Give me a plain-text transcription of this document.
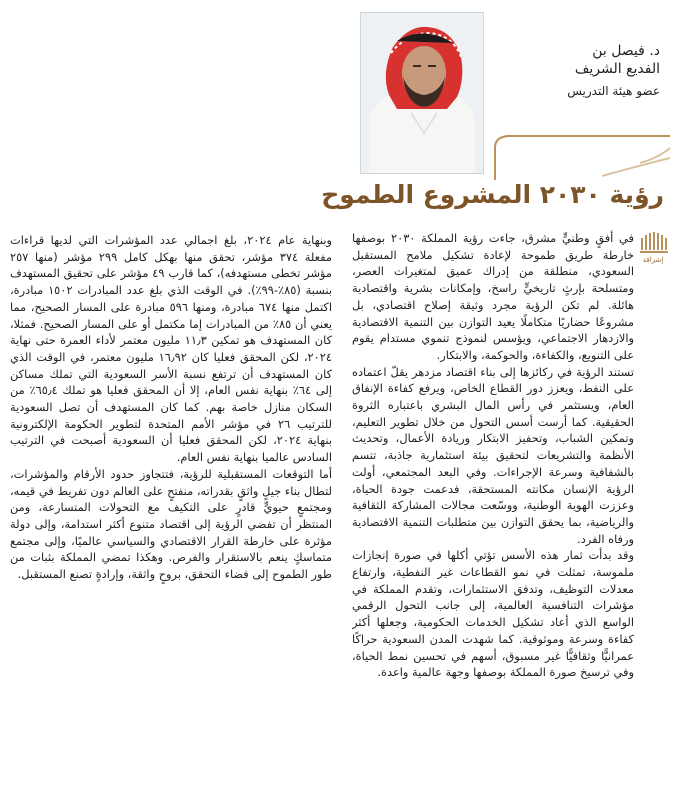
د. فيصل بن
الفديع الشريف
عضو هيئة التدريس
رؤية ٢٠٣٠ المشروع الطموح
إشراقة

في أفقٍ وطنيٍّ مشرق، جاءت رؤية المملكة ٢٠٣٠ بوصفها خارطة طريق طموحة لإعادة تشكيل ملامح المستقبل السعودي، منطلقة من إدراك عميق لمتغيرات العصر، ومتسلحة بإرثٍ تاريخيٍّ راسخ، وإمكانات بشرية واقتصادية هائلة. لم تكن الرؤية مجرد وثيقة إصلاح اقتصادي، بل مشروعًا حضاريًا متكاملًا يعيد التوازن بين التنمية الاقتصادية والازدهار الاجتماعي، ويؤسس لنموذج تنموي مستدام يقوم على التنويع، والكفاءة، والحوكمة، والابتكار.

تستند الرؤية في ركائزها إلى بناء اقتصاد مزدهر يقلّ اعتماده على النفط، ويعزز دور القطاع الخاص، ويرفع كفاءة الإنفاق العام، ويستثمر في رأس المال البشري باعتباره الثروة الحقيقية. كما أرست أسس التحول من خلال تطوير التعليم، وتمكين الشباب، وتحفيز الابتكار وريادة الأعمال، وتحديث الأنظمة والتشريعات لتحقيق بيئة استثمارية جاذبة، تتسم بالشفافية وسرعة الإجراءات. وفي البعد المجتمعي، أولت الرؤية الإنسان مكانته المستحقة، فدعمت جودة الحياة، وعززت الهوية الوطنية، ووسّعت مجالات المشاركة الثقافية والرياضية، بما يحقق التوازن بين متطلبات التنمية الاقتصادية ورفاه الفرد.

وقد بدأت ثمار هذه الأسس تؤتي أكلها في صورة إنجازات ملموسة، تمثلت في نمو القطاعات غير النفطية، وارتفاع معدلات التوظيف، وتدفق الاستثمارات، وتقدم المملكة في مؤشرات التنافسية العالمية، إلى جانب التحول الرقمي الواسع الذي أعاد تشكيل الخدمات الحكومية، وجعلها أكثر كفاءة وسرعة وموثوقية. كما شهدت المدن السعودية حراكًا عمرانيًّا وثقافيًّا غير مسبوق، أسهم في تحسين نمط الحياة، وفي ترسيخ صورة المملكة بوصفها وجهة عالمية واعدة.

وبنهاية عام ٢٠٢٤، بلغ اجمالي عدد المؤشرات التي لديها قراءات مفعلة ٣٧٤ مؤشر، تحقق منها بهكل كامل ٢٩٩ مؤشر (منها ٢٥٧ مؤشر تخطى مستهدفه)، كما قارب ٤٩ مؤشر على تحقيق المستهدف بنسبة (٨٥٪-٩٩٪). في الوقت الذي بلغ عدد المبادرات ١٥٠٢ مبادرة، اكتمل منها ٦٧٤ مبادرة، ومنها ٥٩٦ مبادرة على المسار الصحيح، مما يعني أن ٨٥٪ من المبادرات إما مكتمل أو على المسار الصحيح. فمثلا، كان المستهدف هو تمكين ١١٫٣ مليون معتمر لأداء العمرة حتى نهاية ٢٠٢٤، لكن المحقق فعليا كان ١٦٫٩٢ مليون معتمر، في الوقت الذي كان المستهدف أن ترتفع نسبة الأسر السعودية التي تملك مساكن إلى ٦٤٪ بنهاية نفس العام، إلا أن المحقق فعليا هو تملك ٦٥٫٤٪ من السكان منازل خاصة بهم. كما كان المستهدف أن تصل السعودية للترتيب ٢٦ في مؤشر الأمم المتحدة لتطوير الحكومة الإلكترونية بنهاية ٢٠٢٤، لكن المحقق فعليا أن السعودية أصبحت في الترتيب السادس عالميا بنهاية نفس العام.

أما التوقعات المستقبلية للرؤية، فتتجاوز حدود الأرقام والمؤشرات، لتطال بناء جيلٍ واثقٍ بقدراته، منفتحٍ على العالم دون تفريط في قيمه، ومجتمعٍ حيويٍّ قادرٍ على التكيف مع التحولات المتسارعة، ومن المنتظر أن تفضي الرؤية إلى اقتصاد متنوع أكثر استدامة، وإلى دولة مؤثرة على خارطة القرار الاقتصادي والسياسي عالميًا، وإلى مجتمع متماسكٍ ينعم بالاستقرار والفرص. وهكذا تمضي المملكة بثبات من طور الطموح إلى فضاء التحقق، بروحٍ واثقة، وإرادةٍ تصنع المستقبل.
